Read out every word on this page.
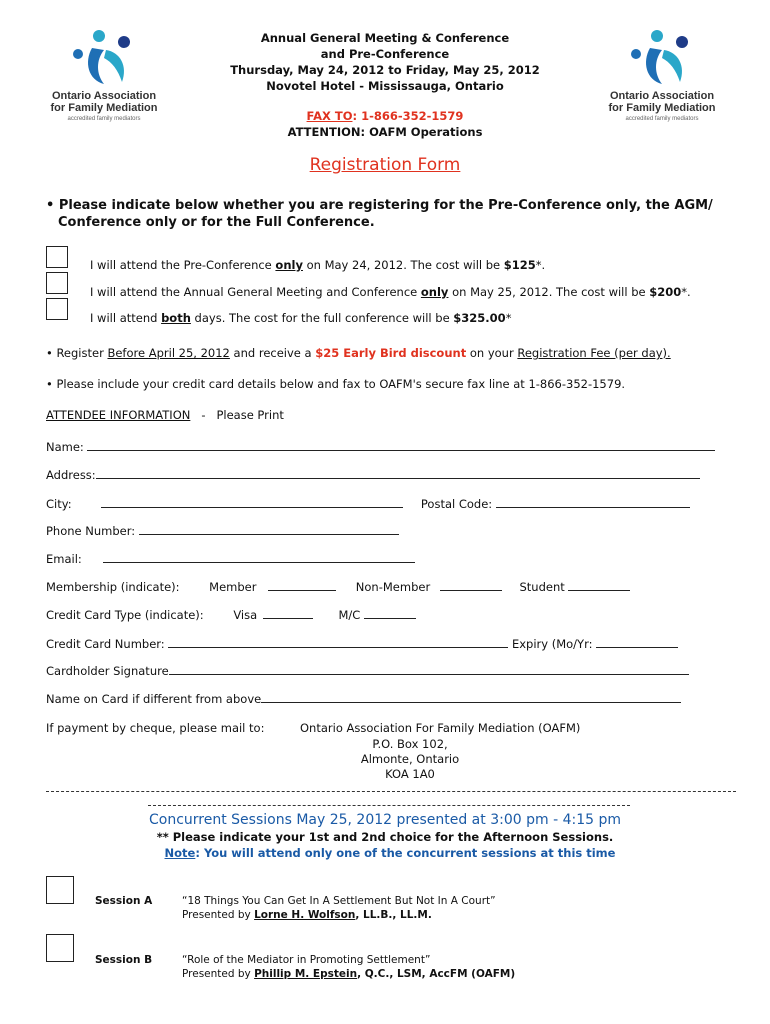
Ontario Association
for Family Mediation
accredited family mediators
Ontario Association
for Family Mediation
accredited family mediators
Annual General Meeting & Conference
and Pre-Conference
Thursday, May 24, 2012 to Friday, May 25, 2012
Novotel Hotel - Mississauga, Ontario
FAX TO: 1-866-352-1579
ATTENTION: OAFM Operations
Registration Form
• Please indicate below whether you are registering for the Pre-Conference only, the AGM/
Conference only or for the Full Conference.
I will attend the Pre-Conference only on May 24, 2012. The cost will be $125*.
I will attend the Annual General Meeting and Conference only on May 25, 2012. The cost will be $200*.
I will attend both days. The cost for the full conference will be $325.00*
• Register Before April 25, 2012 and receive a $25 Early Bird discount on your Registration Fee (per day).
• Please include your credit card details below and fax to OAFM's secure fax line at 1-866-352-1579.
ATTENDEE INFORMATION - Please Print
Name:
Address:
City:	Postal Code:
Phone Number:
Email:
Membership (indicate):	Member	Non-Member	Student
Credit Card Type (indicate):	Visa	M/C
Credit Card Number:	Expiry (Mo/Yr:
Cardholder Signature
Name on Card if different from above
If payment by cheque, please mail to:	Ontario Association For Family Mediation (OAFM)
P.O. Box 102,
Almonte, Ontario
KOA 1A0
Concurrent Sessions May 25, 2012 presented at 3:00 pm - 4:15 pm
** Please indicate your 1st and 2nd choice for the Afternoon Sessions.
Note: You will attend only one of the concurrent sessions at this time
Session A	“18 Things You Can Get In A Settlement But Not In A Court”
Presented by Lorne H. Wolfson, LL.B., LL.M.
Session B	“Role of the Mediator in Promoting Settlement”
Presented by Phillip M. Epstein, Q.C., LSM, AccFM (OAFM)
